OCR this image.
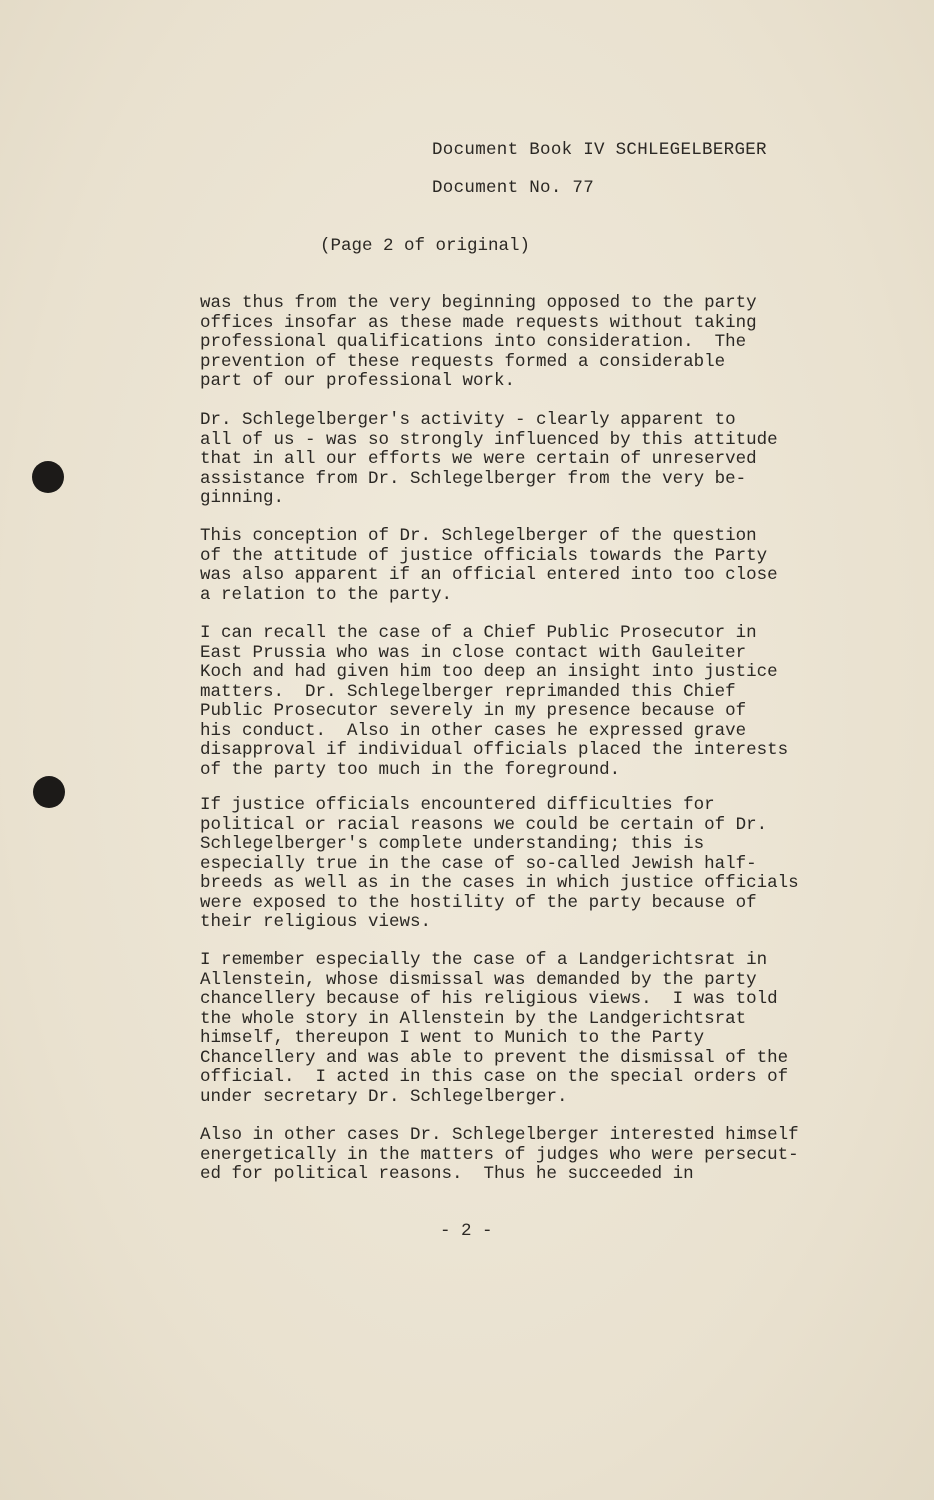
Document Book IV SCHLEGELBERGER
Document No. 77
(Page 2 of original)

was thus from the very beginning opposed to the party
offices insofar as these made requests without taking
professional qualifications into consideration.  The
prevention of these requests formed a considerable
part of our professional work.

Dr. Schlegelberger's activity - clearly apparent to
all of us - was so strongly influenced by this attitude
that in all our efforts we were certain of unreserved
assistance from Dr. Schlegelberger from the very be-
ginning.

This conception of Dr. Schlegelberger of the question
of the attitude of justice officials towards the Party
was also apparent if an official entered into too close
a relation to the party.

I can recall the case of a Chief Public Prosecutor in
East Prussia who was in close contact with Gauleiter
Koch and had given him too deep an insight into justice
matters.  Dr. Schlegelberger reprimanded this Chief
Public Prosecutor severely in my presence because of
his conduct.  Also in other cases he expressed grave
disapproval if individual officials placed the interests
of the party too much in the foreground.

If justice officials encountered difficulties for
political or racial reasons we could be certain of Dr.
Schlegelberger's complete understanding; this is
especially true in the case of so-called Jewish half-
breeds as well as in the cases in which justice officials
were exposed to the hostility of the party because of
their religious views.

I remember especially the case of a Landgerichtsrat in
Allenstein, whose dismissal was demanded by the party
chancellery because of his religious views.  I was told
the whole story in Allenstein by the Landgerichtsrat
himself, thereupon I went to Munich to the Party
Chancellery and was able to prevent the dismissal of the
official.  I acted in this case on the special orders of
under secretary Dr. Schlegelberger.

Also in other cases Dr. Schlegelberger interested himself
energetically in the matters of judges who were persecut-
ed for political reasons.  Thus he succeeded in

- 2 -
